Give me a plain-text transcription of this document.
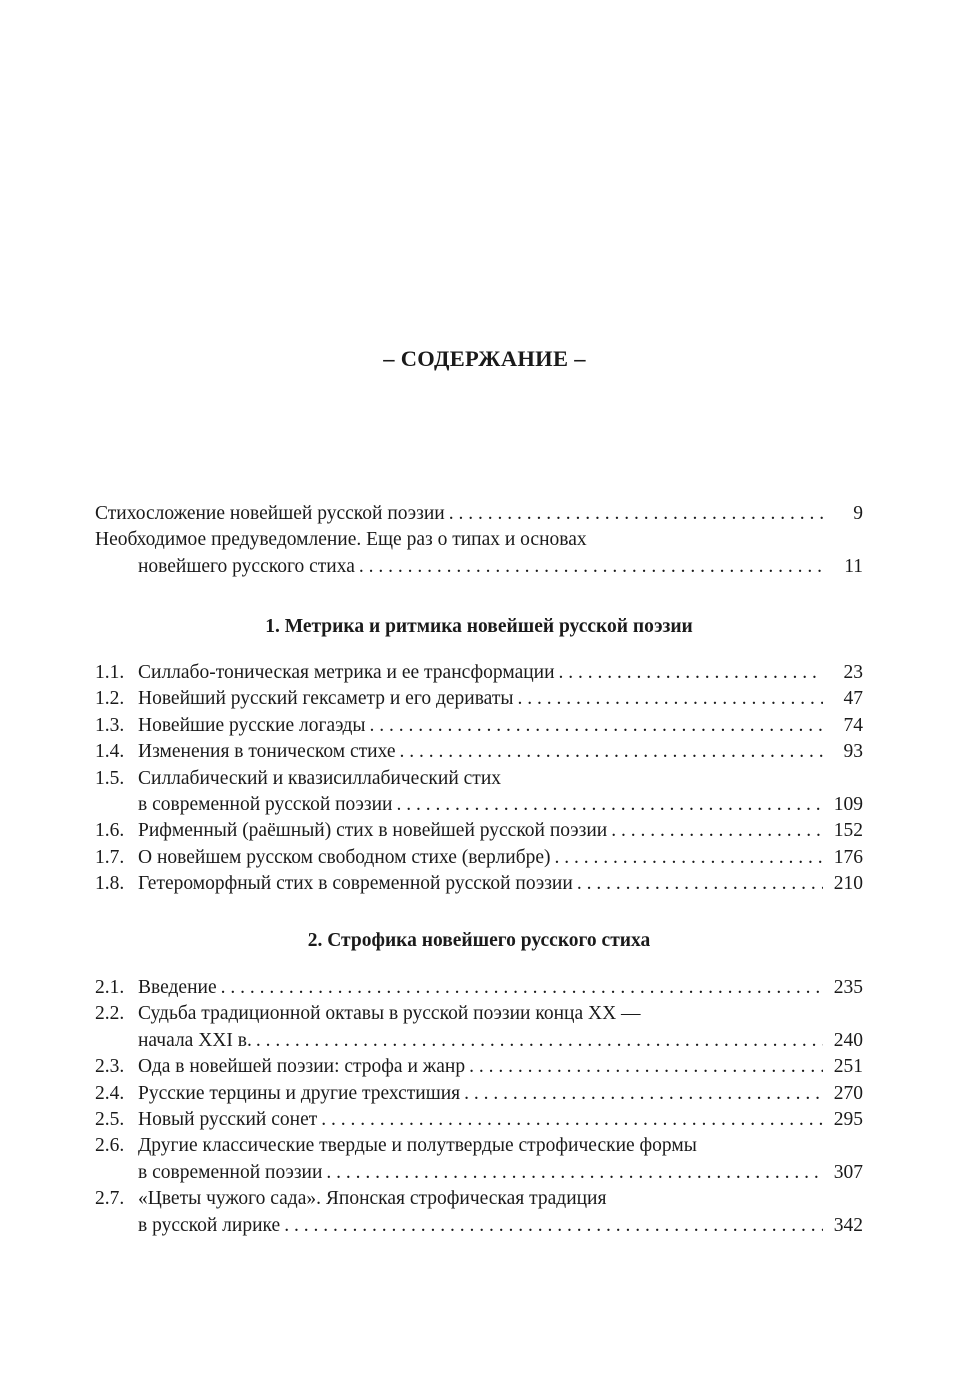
– СОДЕРЖАНИЕ –
Стихосложение новейшей русской поэзии . . .	9
Необходимое предуведомление. Еще раз о типах и основах
новейшего русского стиха . . .	11
1. Метрика и ритмика новейшей русской поэзии
1.1. Силлабо-тоническая метрика и ее трансформации . . .	23
1.2. Новейший русский гексаметр и его дериваты . . .	47
1.3. Новейшие русские логаэды . . .	74
1.4. Изменения в тоническом стихе . . .	93
1.5. Силлабический и квазисиллабический стих
в современной русской поэзии . . .	109
1.6. Рифменный (раёшный) стих в новейшей русской поэзии . . .	152
1.7. О новейшем русском свободном стихе (верлибре) . . .	176
1.8. Гетероморфный стих в современной русской поэзии . . .	210
2. Строфика новейшего русского стиха
2.1. Введение . . .	235
2.2. Судьба традиционной октавы в русской поэзии конца XX —
начала XXI в. . . .	240
2.3. Ода в новейшей поэзии: строфа и жанр . . .	251
2.4. Русские терцины и другие трехстишия . . .	270
2.5. Новый русский сонет . . .	295
2.6. Другие классические твердые и полутвердые строфические формы
в современной поэзии . . .	307
2.7. «Цветы чужого сада». Японская строфическая традиция
в русской лирике . . .	342
